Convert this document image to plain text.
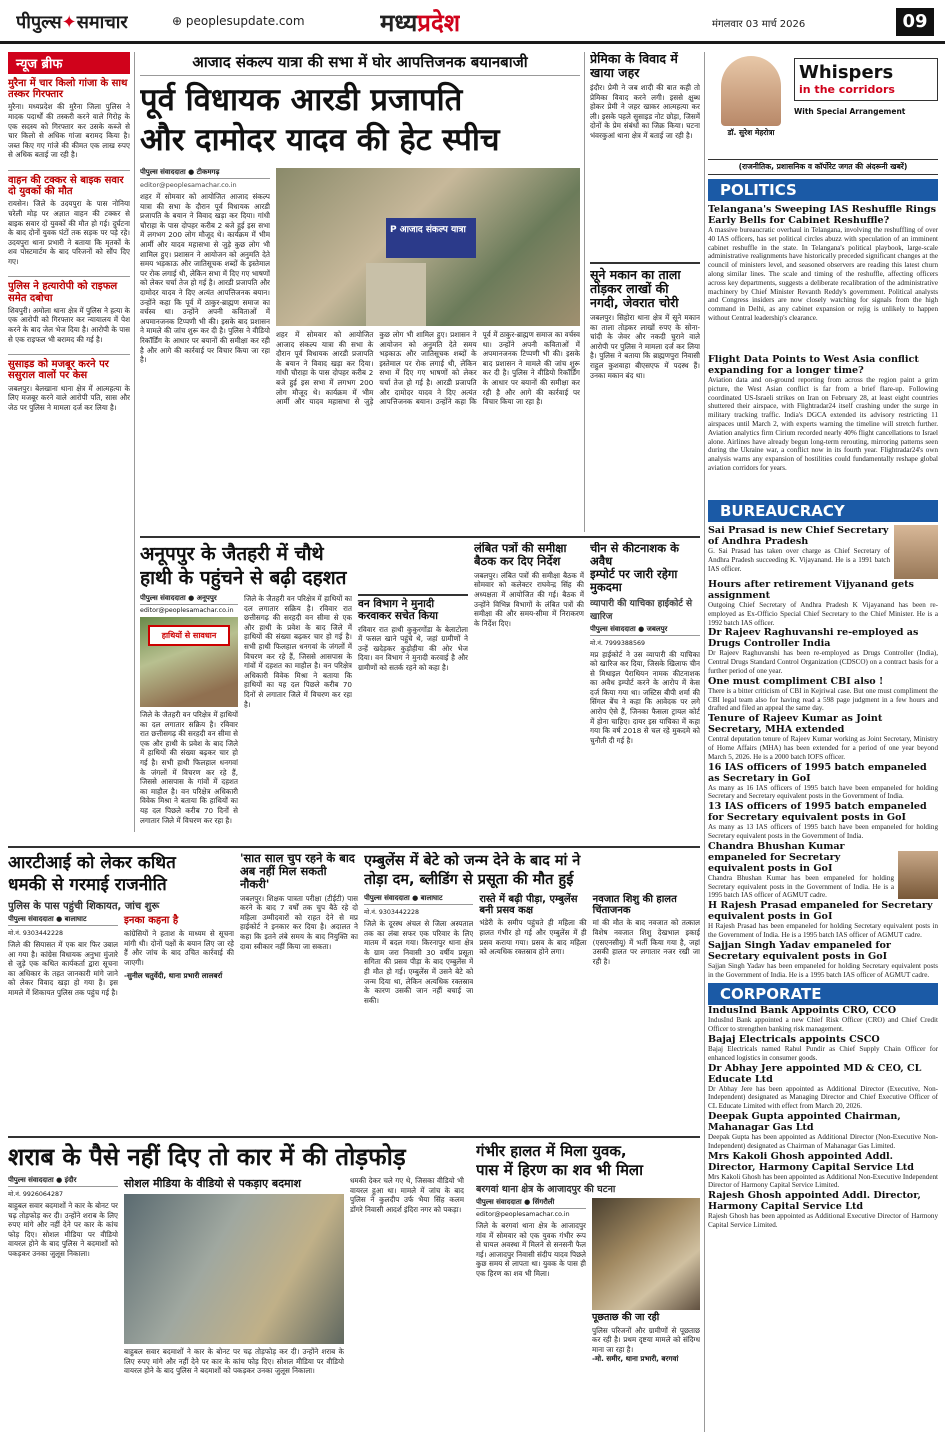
पीपुल्स✦समाचार	⊕ peoplesupdate.com	मध्यप्रदेश	मंगलवार 03 मार्च 2026	09
न्यूज ब्रीफ
मुरैना में चार किलो गांजा के साथ तस्कर गिरफ्तार
मुरैना। मध्यप्रदेश की मुरैना जिला पुलिस ने मादक पदार्थों की तस्करी करने वाले गिरोह के एक सदस्य को गिरफ्तार कर उसके कब्जे से चार किलो से अधिक गांजा बरामद किया है। जब्त किए गए गांजे की कीमत एक लाख रुपए से अधिक बताई जा रही है।
वाहन की टक्कर से बाइक सवार दो युवकों की मौत
रायसेन। जिले के उदयपुरा के पास नोनिया चरेली मोड़ पर अज्ञात वाहन की टक्कर से बाइक सवार दो युवकों की मौत हो गई। दुर्घटना के बाद दोनों युवक घंटों तक सड़क पर पड़े रहे। उदयपुरा थाना प्रभारी ने बताया कि मृतकों के शव पोस्टमार्टम के बाद परिजनों को सौंप दिए गए।
पुलिस ने हत्यारोपी को राइफल समेत दबोचा
शिवपुरी। अमोला थाना क्षेत्र में पुलिस ने हत्या के एक आरोपी को गिरफ्तार कर न्यायालय में पेश करने के बाद जेल भेज दिया है। आरोपी के पास से एक राइफल भी बरामद की गई है।
सुसाइड को मजबूर करने पर ससुराल वालों पर केस
जबलपुर। बेलखाना थाना क्षेत्र में आत्महत्या के लिए मजबूर करने वाले आरोपी पति, सास और जेठ पर पुलिस ने मामला दर्ज कर लिया है।
आजाद संकल्प यात्रा की सभा में घोर आपत्तिजनक बयानबाजी
पूर्व विधायक आरडी प्रजापति
और दामोदर यादव की हेट स्पीच
पीपुल्स संवाददाता ● टीकमगढ़
editor@peoplesamachar.co.in
शहर में सोमवार को आयोजित आजाद संकल्प यात्रा की सभा के दौरान पूर्व विधायक आरडी प्रजापति के बयान ने विवाद खड़ा कर दिया। गांधी चौराहा के पास दोपहर करीब 2 बजे हुई इस सभा में लगभग 200 लोग मौजूद थे। कार्यक्रम में भीम आर्मी और यादव महासभा से जुड़े कुछ लोग भी शामिल हुए। प्रशासन ने आयोजन को अनुमति देते समय भड़काऊ और जातिसूचक शब्दों के इस्तेमाल पर रोक लगाई थी, लेकिन सभा में दिए गए भाषणों को लेकर चर्चा तेज हो गई है। आरडी प्रजापति और दामोदर यादव ने दिए अत्यंत आपत्तिजनक बयान। उन्होंने कहा कि पूर्व में ठाकुर-ब्राह्मण समाज का वर्चस्व था। उन्होंने अपनी कविताओं में अपमानजनक टिप्पणी भी की। इसके बाद प्रशासन ने मामले की जांच शुरू कर दी है। पुलिस ने वीडियो रिकॉर्डिंग के आधार पर बयानों की समीक्षा कर रही है और आगे की कार्रवाई पर विचार किया जा रहा है।
P आजाद संकल्प यात्रा
शहर में सोमवार को आयोजित आजाद संकल्प यात्रा की सभा के दौरान पूर्व विधायक आरडी प्रजापति के बयान ने विवाद खड़ा कर दिया। गांधी चौराहा के पास दोपहर करीब 2 बजे हुई इस सभा में लगभग 200 लोग मौजूद थे। कार्यक्रम में भीम आर्मी और यादव महासभा से जुड़े कुछ लोग भी शामिल हुए। प्रशासन ने आयोजन को अनुमति देते समय भड़काऊ और जातिसूचक शब्दों के इस्तेमाल पर रोक लगाई थी, लेकिन सभा में दिए गए भाषणों को लेकर चर्चा तेज हो गई है। आरडी प्रजापति और दामोदर यादव ने दिए अत्यंत आपत्तिजनक बयान। उन्होंने कहा कि पूर्व में ठाकुर-ब्राह्मण समाज का वर्चस्व था। उन्होंने अपनी कविताओं में अपमानजनक टिप्पणी भी की। इसके बाद प्रशासन ने मामले की जांच शुरू कर दी है। पुलिस ने वीडियो रिकॉर्डिंग के आधार पर बयानों की समीक्षा कर रही है और आगे की कार्रवाई पर विचार किया जा रहा है।
प्रेमिका के विवाद में खाया जहर
इंदौर। प्रेमी ने जब शादी की बात कही तो प्रेमिका विवाद करने लगी। इससे क्षुब्ध होकर प्रेमी ने जहर खाकर आत्महत्या कर ली। इसके पहले सुसाइड नोट छोड़ा, जिसमें दोनों के प्रेम संबंधों का जिक्र किया। घटना भंवरकुआं थाना क्षेत्र में बताई जा रही है।
सूने मकान का ताला तोड़कर लाखों की नगदी, जेवरात चोरी
जबलपुर। सिहोरा थाना क्षेत्र में सूने मकान का ताला तोड़कर लाखों रुपए के सोना-चांदी के जेवर और नकदी चुराने वाले आरोपी पर पुलिस ने मामला दर्ज कर लिया है। पुलिस ने बताया कि ब्राह्मणपुरा निवासी राहुल कुशवाहा बीएसएफ में पदस्थ हैं। उनका मकान बंद था।
डॉ. सुरेश मेहरोत्रा
Whispers
in the corridors
With Special Arrangement
(राजनीतिक, प्रशासनिक व कॉर्पोरेट जगत की अंदरूनी खबरें)
POLITICS
Telangana's Sweeping IAS Reshuffle Rings Early Bells for Cabinet Reshuffle?
A massive bureaucratic overhaul in Telangana, involving the reshuffling of over 40 IAS officers, has set political circles abuzz with speculation of an imminent cabinet reshuffle in the state. In Telangana's political playbook, large-scale administrative realignments have historically preceded significant changes at the council of ministers level, and seasoned observers are reading this latest churn along similar lines. The scale and timing of the reshuffle, affecting officers across key departments, suggests a deliberate recalibration of the administrative machinery by Chief Minister Revanth Reddy's government. Political analysts and Congress insiders are now closely watching for signals from the high command in Delhi, as any cabinet expansion or rejig is unlikely to happen without Central leadership's clearance.
Flight Data Points to West Asia conflict expanding for a longer time?
Aviation data and on-ground reporting from across the region paint a grim picture, the West Asian conflict is far from a brief flare-up. Following coordinated US-Israeli strikes on Iran on February 28, at least eight countries shuttered their airspace, with Flightradar24 itself crashing under the surge in military tracking traffic. India's DGCA extended its advisory restricting 11 airspaces until March 2, with experts warning the timeline will stretch further. Aviation analytics firm Cirium recorded nearly 40% flight cancellations to Israel alone. Airlines have already begun long-term rerouting, mirroring patterns seen during the Ukraine war, a conflict now in its fourth year. Flightradar24's own analysis warns any expansion of hostilities could fundamentally reshape global aviation corridors for years.
BUREAUCRACY
Sai Prasad is new Chief Secretary of Andhra Pradesh
G. Sai Prasad has taken over charge as Chief Secretary of Andhra Pradesh succeeding K. Vijayanand. He is a 1991 batch IAS officer.
Hours after retirement Vijyanand gets assignment
Outgoing Chief Secretary of Andhra Pradesh K Vijayanand has been re-employed as Ex-Officio Special Chief Secretary to the Chief Minister. He is a 1992 batch IAS officer.
Dr Rajeev Raghuvanshi re-employed as Drugs Controller India
Dr Rajeev Raghuvanshi has been re-employed as Drugs Controller (India), Central Drugs Standard Control Organization (CDSCO) on a contract basis for a further period of one year.
One must compliment CBI also !
There is a bitter criticism of CBI in Kejriwal case. But one must compliment the CBI legal team also for having read a 598 page judgment in a few hours and drafted and filed an appeal the same day.
Tenure of Rajeev Kumar as Joint Secretary, MHA extended
Central deputation tenure of Rajeev Kumar working as Joint Secretary, Ministry of Home Affairs (MHA) has been extended for a period of one year beyond March 5, 2026. He is a 2000 batch IOFS officer.
16 IAS officers of 1995 batch empaneled as Secretary in GoI
As many as 16 IAS officers of 1995 batch have been empaneled for holding Secretary and Secretary equivalent posts in the Government of India.
13 IAS officers of 1995 batch empaneled for Secretary equivalent posts in GoI
As many as 13 IAS officers of 1995 batch have been empaneled for holding Secretary equivalent posts in the Government of India.
Chandra Bhushan Kumar empaneled for Secretary equivalent posts in GoI
Chandra Bhushan Kumar has been empaneled for holding Secretary equivalent posts in the Government of India. He is a 1995 batch IAS officer of AGMUT cadre.
H Rajesh Prasad empaneled for Secretary equivalent posts in GoI
H Rajesh Prasad has been empaneled for holding Secretary equivalent posts in the Government of India. He is a 1995 batch IAS officer of AGMUT cadre.
Sajjan Singh Yadav empaneled for Secretary equivalent posts in GoI
Sajjan Singh Yadav has been empaneled for holding Secretary equivalent posts in the Government of India. He is a 1995 batch IAS officer of AGMUT cadre.
CORPORATE
IndusInd Bank Appoints CRO, CCO
IndusInd Bank appointed a new Chief Risk Officer (CRO) and Chief Credit Officer to strengthen banking risk management.
Bajaj Electricals appoints CSCO
Bajaj Electricals named Rahul Pundir as Chief Supply Chain Officer for enhanced logistics in consumer goods.
Dr Abhay Jere appointed MD & CEO, CL Educate Ltd
Dr Abhay Jere has been appointed as Additional Director (Executive, Non-Independent) designated as Managing Director and Chief Executive Officer of CL Educate Limited with effect from March 20, 2026.
Deepak Gupta appointed Chairman, Mahanagar Gas Ltd
Deepak Gupta has been appointed as Additional Director (Non-Executive Non-Independent) designated as Chairman of Mahanagar Gas Limited.
Mrs Kakoli Ghosh appointed Addl. Director, Harmony Capital Service Ltd
Mrs Kakoli Ghosh has been appointed as Additional Non-Executive Independent Director of Harmony Capital Service Limited.
Rajesh Ghosh appointed Addl. Director, Harmony Capital Service Ltd
Rajesh Ghosh has been appointed as Additional Executive Director of Harmony Capital Service Limited.
अनूपपुर के जैतहरी में चौथे
हाथी के पहुंचने से बढ़ी दहशत
पीपुल्स संवाददाता ● अनूपपुर
editor@peoplesamachar.co.in
हाथियों से सावधान
जिले के जैतहरी वन परिक्षेत्र में हाथियों का दल लगातार सक्रिय है। रविवार रात छत्तीसगढ़ की सरहदी वन सीमा से एक और हाथी के प्रवेश के बाद जिले में हाथियों की संख्या बढ़कर चार हो गई है। सभी हाथी फिलहाल धनगवां के जंगलों में विचरण कर रहे हैं, जिससे आसपास के गांवों में दहशत का माहौल है। वन परिक्षेत्र अधिकारी विवेक मिश्रा ने बताया कि हाथियों का यह दल पिछले करीब 70 दिनों से लगातार जिले में विचरण कर रहा है।
जिले के जैतहरी वन परिक्षेत्र में हाथियों का दल लगातार सक्रिय है। रविवार रात छत्तीसगढ़ की सरहदी वन सीमा से एक और हाथी के प्रवेश के बाद जिले में हाथियों की संख्या बढ़कर चार हो गई है। सभी हाथी फिलहाल धनगवां के जंगलों में विचरण कर रहे हैं, जिससे आसपास के गांवों में दहशत का माहौल है। वन परिक्षेत्र अधिकारी विवेक मिश्रा ने बताया कि हाथियों का यह दल पिछले करीब 70 दिनों से लगातार जिले में विचरण कर रहा है।
वन विभाग ने मुनादी करवाकर सचेत किया
रविवार रात हाथी कुकुरगोंडा के बेलाटोला में फसल खाने पहुंचे थे, जहां ग्रामीणों ने उन्हें खदेड़कर कुड़ोहीया की ओर भेज दिया। वन विभाग ने मुनादी करवाई है और ग्रामीणों को सतर्क रहने को कहा है।
लंबित पत्रों की समीक्षा बैठक कर दिए निर्देश
जबलपुर। लंबित पत्रों की समीक्षा बैठक में सोमवार को कलेक्टर राघवेन्द्र सिंह की अध्यक्षता में आयोजित की गई। बैठक में उन्होंने विभिन्न विभागों के लंबित पत्रों की समीक्षा की और समय-सीमा में निराकरण के निर्देश दिए।
चीन से कीटनाशक के अवैध
इम्पोर्ट पर जारी रहेगा मुकदमा
व्यापारी की याचिका हाईकोर्ट से खारिज
पीपुल्स संवाददाता ● जबलपुर
मो.नं. 7999388569
मप्र हाईकोर्ट ने उस व्यापारी की याचिका को खारिज कर दिया, जिसके खिलाफ चीन से मिथाइल पैराथियन नामक कीटनाशक का अवैध इम्पोर्ट करने के आरोप में केस दर्ज किया गया था। जस्टिस बीपी शर्मा की सिंगल बेंच ने कहा कि आवेदक पर लगे आरोप ऐसे हैं, जिनका फैसला ट्रायल कोर्ट में होना चाहिए। दायर इस याचिका में कहा गया कि वर्ष 2018 से चल रहे मुकदमे को चुनौती दी गई है।
आरटीआई को लेकर कथित
धमकी से गरमाई राजनीति
पुलिस के पास पहुंची शिकायत, जांच शुरू
पीपुल्स संवाददाता ● बालाघाट
मो.नं. 9303442228
जिले की सियासत में एक बार फिर उबाल आ गया है। कांग्रेस विधायक अनुभा मुंजारे से जुड़े एक कथित कार्यकर्ता द्वारा सूचना का अधिकार के तहत जानकारी मांगे जाने को लेकर विवाद खड़ा हो गया है। इस मामले में शिकायत पुलिस तक पहुंच गई है।
इनका कहना है
कांग्रेसियों ने हताश के माध्यम से सूचना मांगी थी। दोनों पक्षों के बयान लिए जा रहे हैं और जांच के बाद उचित कार्रवाई की जाएगी।
-सुनील चतुर्वेदी, थाना प्रभारी लालबर्रा
'सात साल चुप रहने के बाद अब नहीं मिल सकती नौकरी'
जबलपुर। शिक्षक पात्रता परीक्षा (टीईटी) पास करने के बाद 7 वर्षों तक चुप बैठे रहे दो महिला उम्मीदवारों को राहत देने से मप्र हाईकोर्ट ने इनकार कर दिया है। अदालत ने कहा कि इतने लंबे समय के बाद नियुक्ति का दावा स्वीकार नहीं किया जा सकता।
एम्बुलेंस में बेटे को जन्म देने के बाद मां ने
तोड़ा दम, ब्लीडिंग से प्रसूता की मौत हुई
पीपुल्स संवाददाता ● बालाघाट
मो.नं. 9303442228
जिले के दूरस्थ अंचल से जिला अस्पताल तक का लंबा सफर एक परिवार के लिए मातम में बदल गया। किरनापुर थाना क्षेत्र के ग्राम जरा निवासी 30 वर्षीय प्रसूता सगिता की प्रसव पीड़ा के बाद एम्बुलेंस में ही मौत हो गई। एम्बुलेंस में उसने बेटे को जन्म दिया था, लेकिन अत्यधिक रक्तस्राव के कारण उसकी जान नहीं बचाई जा सकी।
रास्ते में बढ़ी पीड़ा, एम्बुलेंस बनी प्रसव कक्ष
भंडेरी के समीप पहुंचते ही महिला की हालत गंभीर हो गई और एम्बुलेंस में ही प्रसव कराया गया। प्रसव के बाद महिला को अत्यधिक रक्तस्राव होने लगा।
नवजात शिशु की हालत चिंताजनक
मां की मौत के बाद नवजात को तत्काल विशेष नवजात शिशु देखभाल इकाई (एसएनसीयू) में भर्ती किया गया है, जहां उसकी हालत पर लगातार नजर रखी जा रही है।
शराब के पैसे नहीं दिए तो कार में की तोड़फोड़
पीपुल्स संवाददाता ● इंदौर
मो.नं. 9926064287
बाहुबल सवार बदमाशों ने कार के बोनट पर चढ़ तोड़फोड़ कर दी। उन्होंने शराब के लिए रुपए मांगे और नहीं देने पर कार के कांच फोड़ दिए। सोशल मीडिया पर वीडियो वायरल होने के बाद पुलिस ने बदमाशों को पकड़कर उनका जुलूस निकाला।
सोशल मीडिया के वीडियो से पकड़ाए बदमाश
बाहुबल सवार बदमाशों ने कार के बोनट पर चढ़ तोड़फोड़ कर दी। उन्होंने शराब के लिए रुपए मांगे और नहीं देने पर कार के कांच फोड़ दिए। सोशल मीडिया पर वीडियो वायरल होने के बाद पुलिस ने बदमाशों को पकड़कर उनका जुलूस निकाला।
धमकी देकर चले गए थे, जिसका वीडियो भी वायरल हुआ था। मामले में जांच के बाद पुलिस ने कुलदीप उर्फ भैया सिंह कलम डोंगरे निवासी आदर्श इंदिरा नगर को पकड़ा।
गंभीर हालत में मिला युवक,
पास में हिरण का शव भी मिला
बरगवां थाना क्षेत्र के आजादपुर की घटना
पीपुल्स संवाददाता ● सिंगरौली
editor@peoplesamachar.co.in
जिले के बरगवां थाना क्षेत्र के आजादपुर गांव में सोमवार को एक युवक गंभीर रूप से घायल अवस्था में मिलने से सनसनी फैल गई। आजादपुर निवासी संदीप यादव पिछले कुछ समय से लापता था। युवक के पास ही एक हिरण का शव भी मिला।
पूछताछ की जा रही
पुलिस परिजनों और ग्रामीणों से पूछताछ कर रही है। प्रथम दृष्टया मामले को संदिग्ध माना जा रहा है।
-मो. समीर, थाना प्रभारी, बरगवां
